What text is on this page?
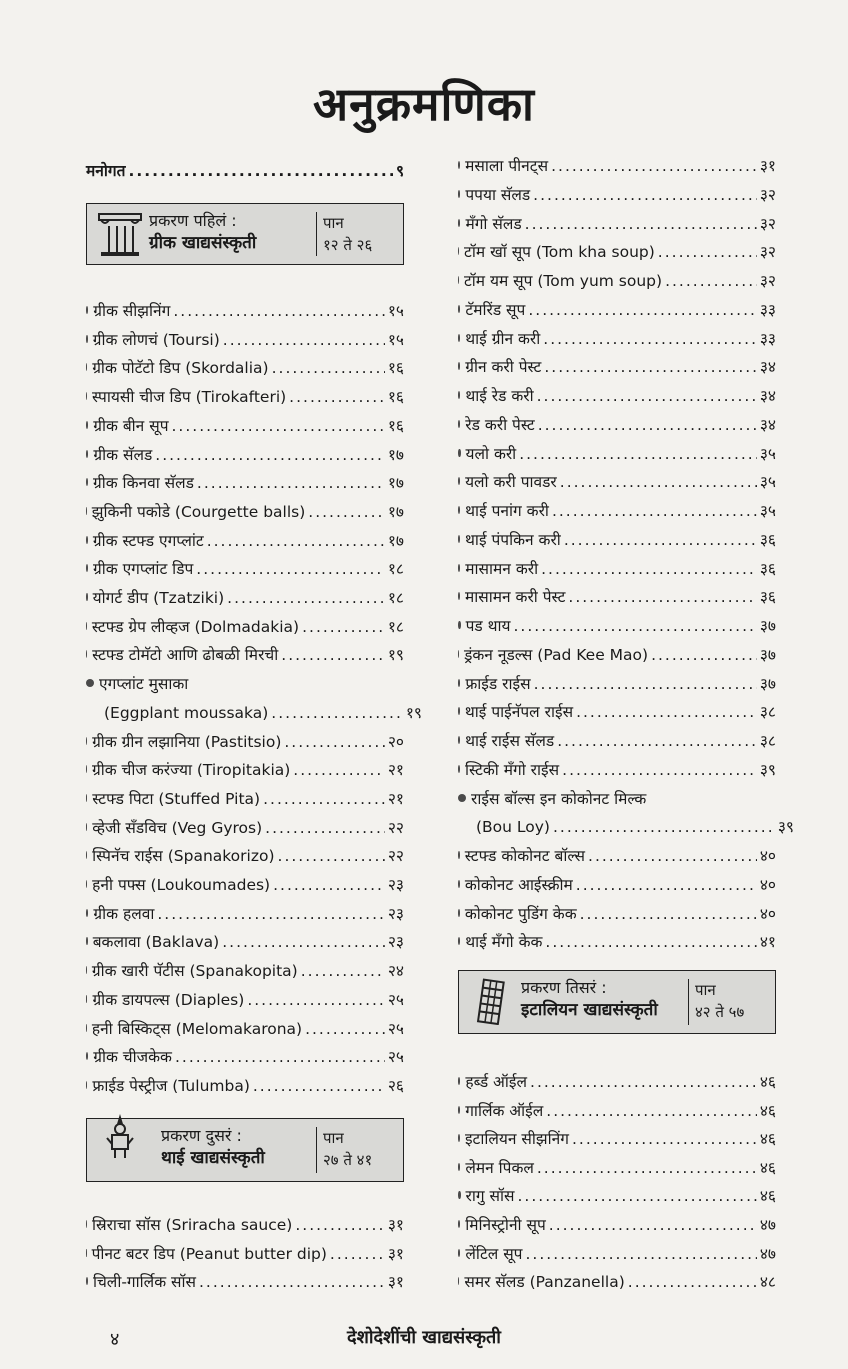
अनुक्रमणिका
मनोगत .....	९
प्रकरण पहिलं :
ग्रीक खाद्यसंस्कृती
पान
१२ ते २६
ग्रीक सीझनिंग .....	१५
ग्रीक लोणचं (Toursi) .....	१५
ग्रीक पोटॅटो डिप (Skordalia) .....	१६
स्पायसी चीज डिप (Tirokafteri) .....	१६
ग्रीक बीन सूप .....	१६
ग्रीक सॅलड .....	१७
ग्रीक किनवा सॅलड .....	१७
झुकिनी पकोडे (Courgette balls) .....	१७
ग्रीक स्टफ्ड एगप्लांट .....	१७
ग्रीक एगप्लांट डिप .....	१८
योगर्ट डीप (Tzatziki) .....	१८
स्टफ्ड ग्रेप लीव्हज (Dolmadakia) .....	१८
स्टफ्ड टोमॅटो आणि ढोबळी मिरची .....	१९
एगप्लांट मुसाका
(Eggplant moussaka) .....	१९
ग्रीक ग्रीन लझानिया (Pastitsio) .....	२०
ग्रीक चीज करंज्या (Tiropitakia) .....	२१
स्टफ्ड पिटा (Stuffed Pita) .....	२१
व्हेजी सँडविच (Veg Gyros) .....	२२
स्पिनॅच राईस (Spanakorizo) .....	२२
हनी पफ्स (Loukoumades) .....	२३
ग्रीक हलवा .....	२३
बकलावा (Baklava) .....	२३
ग्रीक खारी पॅटीस (Spanakopita) .....	२४
ग्रीक डायपल्स (Diaples) .....	२५
हनी बिस्किट्स (Melomakarona) .....	२५
ग्रीक चीजकेक .....	२५
फ्राईड पेस्ट्रीज (Tulumba) .....	२६
प्रकरण दुसरं :
थाई खाद्यसंस्कृती
पान
२७ ते ४१
स्रिराचा सॉस (Sriracha sauce) .....	३१
पीनट बटर डिप (Peanut butter dip) .....	३१
चिली-गार्लिक सॉस .....	३१
मसाला पीनट्स .....	३१
पपया सॅलड .....	३२
मँगो सॅलड .....	३२
टॉम खॉ सूप (Tom kha soup) .....	३२
टॉम यम सूप (Tom yum soup) .....	३२
टॅमरिंड सूप .....	३३
थाई ग्रीन करी .....	३३
ग्रीन करी पेस्ट .....	३४
थाई रेड करी .....	३४
रेड करी पेस्ट .....	३४
यलो करी .....	३५
यलो करी पावडर .....	३५
थाई पनांग करी .....	३५
थाई पंपकिन करी .....	३६
मासामन करी .....	३६
मासामन करी पेस्ट .....	३६
पड थाय .....	३७
ड्रंकन नूडल्स (Pad Kee Mao) .....	३७
फ्राईड राईस .....	३७
थाई पाईनॅपल राईस .....	३८
थाई राईस सॅलड .....	३८
स्टिकी मँगो राईस .....	३९
राईस बॉल्स इन कोकोनट मिल्क
(Bou Loy) .....	३९
स्टफ्ड कोकोनट बॉल्स .....	४०
कोकोनट आईस्क्रीम .....	४०
कोकोनट पुडिंग केक .....	४०
थाई मँगो केक .....	४१
प्रकरण तिसरं :
इटालियन खाद्यसंस्कृती
पान
४२ ते ५७
हर्ब्ड ऑईल .....	४६
गार्लिक ऑईल .....	४६
इटालियन सीझनिंग .....	४६
लेमन पिकल .....	४६
रागु सॉस .....	४६
मिनिस्ट्रोनी सूप .....	४७
लेंटिल सूप .....	४७
समर सॅलड (Panzanella) .....	४८
४	देशोदेशींची खाद्यसंस्कृती
